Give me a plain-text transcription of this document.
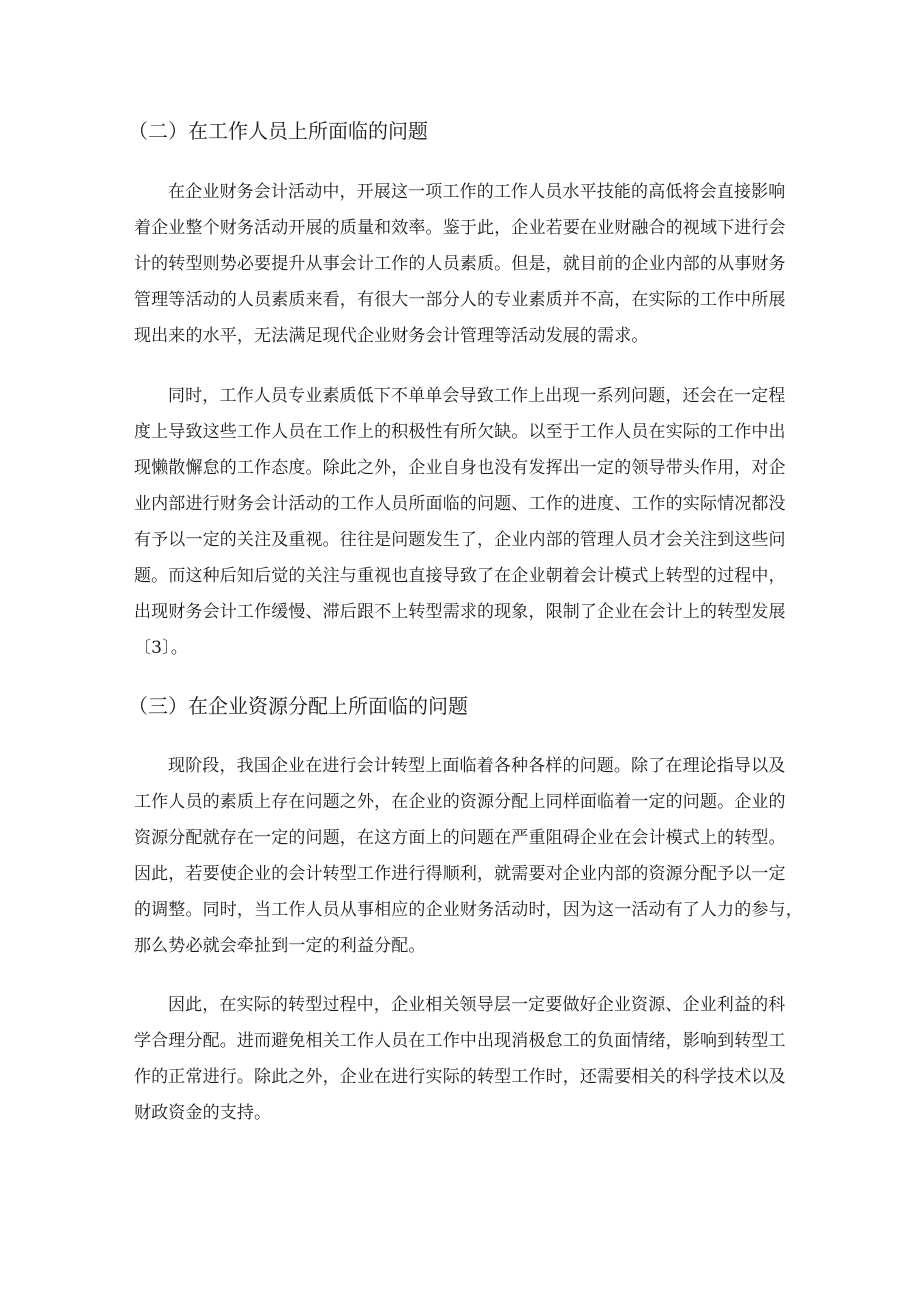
（二）在工作人员上所面临的问题
在企业财务会计活动中，开展这一项工作的工作人员水平技能的高低将会直接影响
着企业整个财务活动开展的质量和效率。鉴于此，企业若要在业财融合的视域下进行会
计的转型则势必要提升从事会计工作的人员素质。但是，就目前的企业内部的从事财务
管理等活动的人员素质来看，有很大一部分人的专业素质并不高，在实际的工作中所展
现出来的水平，无法满足现代企业财务会计管理等活动发展的需求。
同时，工作人员专业素质低下不单单会导致工作上出现一系列问题，还会在一定程
度上导致这些工作人员在工作上的积极性有所欠缺。以至于工作人员在实际的工作中出
现懒散懈怠的工作态度。除此之外，企业自身也没有发挥出一定的领导带头作用，对企
业内部进行财务会计活动的工作人员所面临的问题、工作的进度、工作的实际情况都没
有予以一定的关注及重视。往往是问题发生了，企业内部的管理人员才会关注到这些问
题。而这种后知后觉的关注与重视也直接导致了在企业朝着会计模式上转型的过程中，
出现财务会计工作缓慢、滞后跟不上转型需求的现象，限制了企业在会计上的转型发展
〔3〕。
（三）在企业资源分配上所面临的问题
现阶段，我国企业在进行会计转型上面临着各种各样的问题。除了在理论指导以及
工作人员的素质上存在问题之外，在企业的资源分配上同样面临着一定的问题。企业的
资源分配就存在一定的问题，在这方面上的问题在严重阻碍企业在会计模式上的转型。
因此，若要使企业的会计转型工作进行得顺利，就需要对企业内部的资源分配予以一定
的调整。同时，当工作人员从事相应的企业财务活动时，因为这一活动有了人力的参与，
那么势必就会牵扯到一定的利益分配。
因此，在实际的转型过程中，企业相关领导层一定要做好企业资源、企业利益的科
学合理分配。进而避免相关工作人员在工作中出现消极怠工的负面情绪，影响到转型工
作的正常进行。除此之外，企业在进行实际的转型工作时，还需要相关的科学技术以及
财政资金的支持。
